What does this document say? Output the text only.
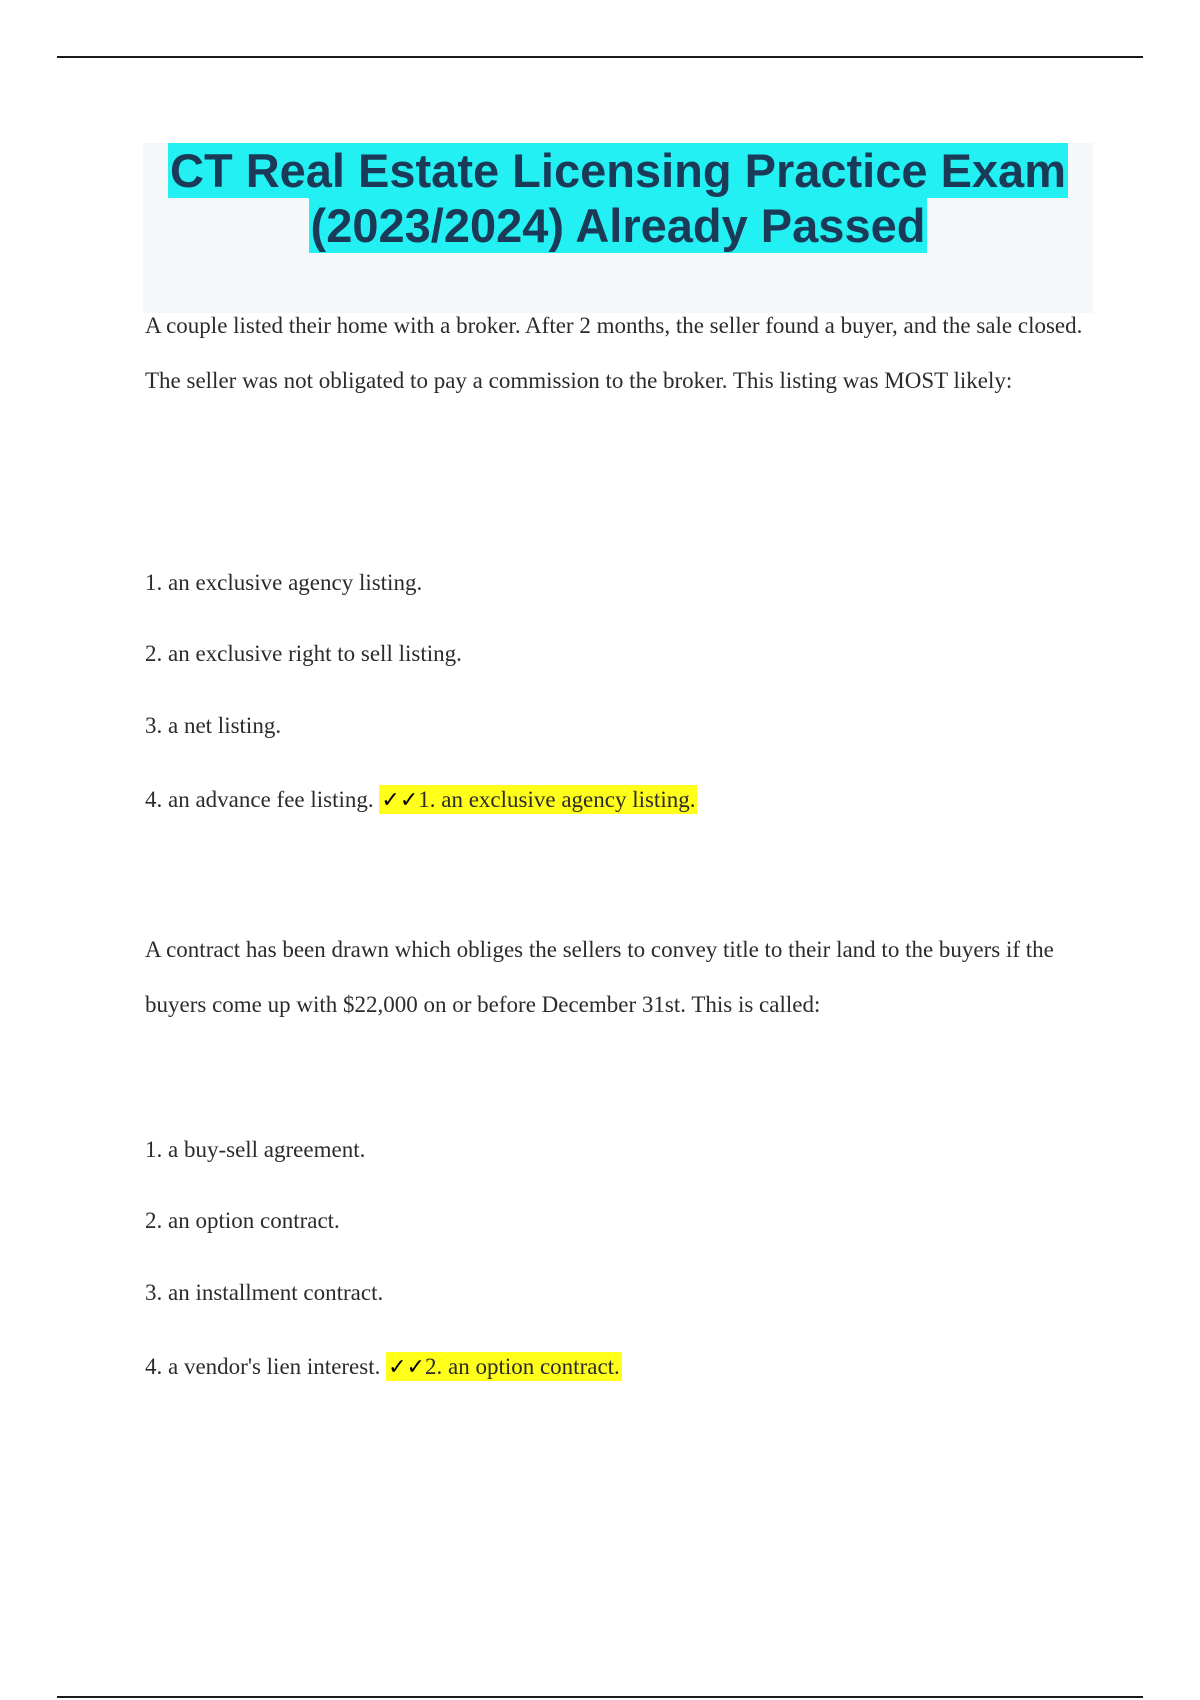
CT Real Estate Licensing Practice Exam
(2023/2024) Already Passed
A couple listed their home with a broker. After 2 months, the seller found a buyer, and the sale closed. The seller was not obligated to pay a commission to the broker. This listing was MOST likely:
1. an exclusive agency listing.
2. an exclusive right to sell listing.
3. a net listing.
4. an advance fee listing. ✓✓1. an exclusive agency listing.
A contract has been drawn which obliges the sellers to convey title to their land to the buyers if the buyers come up with $22,000 on or before December 31st. This is called:
1. a buy-sell agreement.
2. an option contract.
3. an installment contract.
4. a vendor's lien interest. ✓✓2. an option contract.
